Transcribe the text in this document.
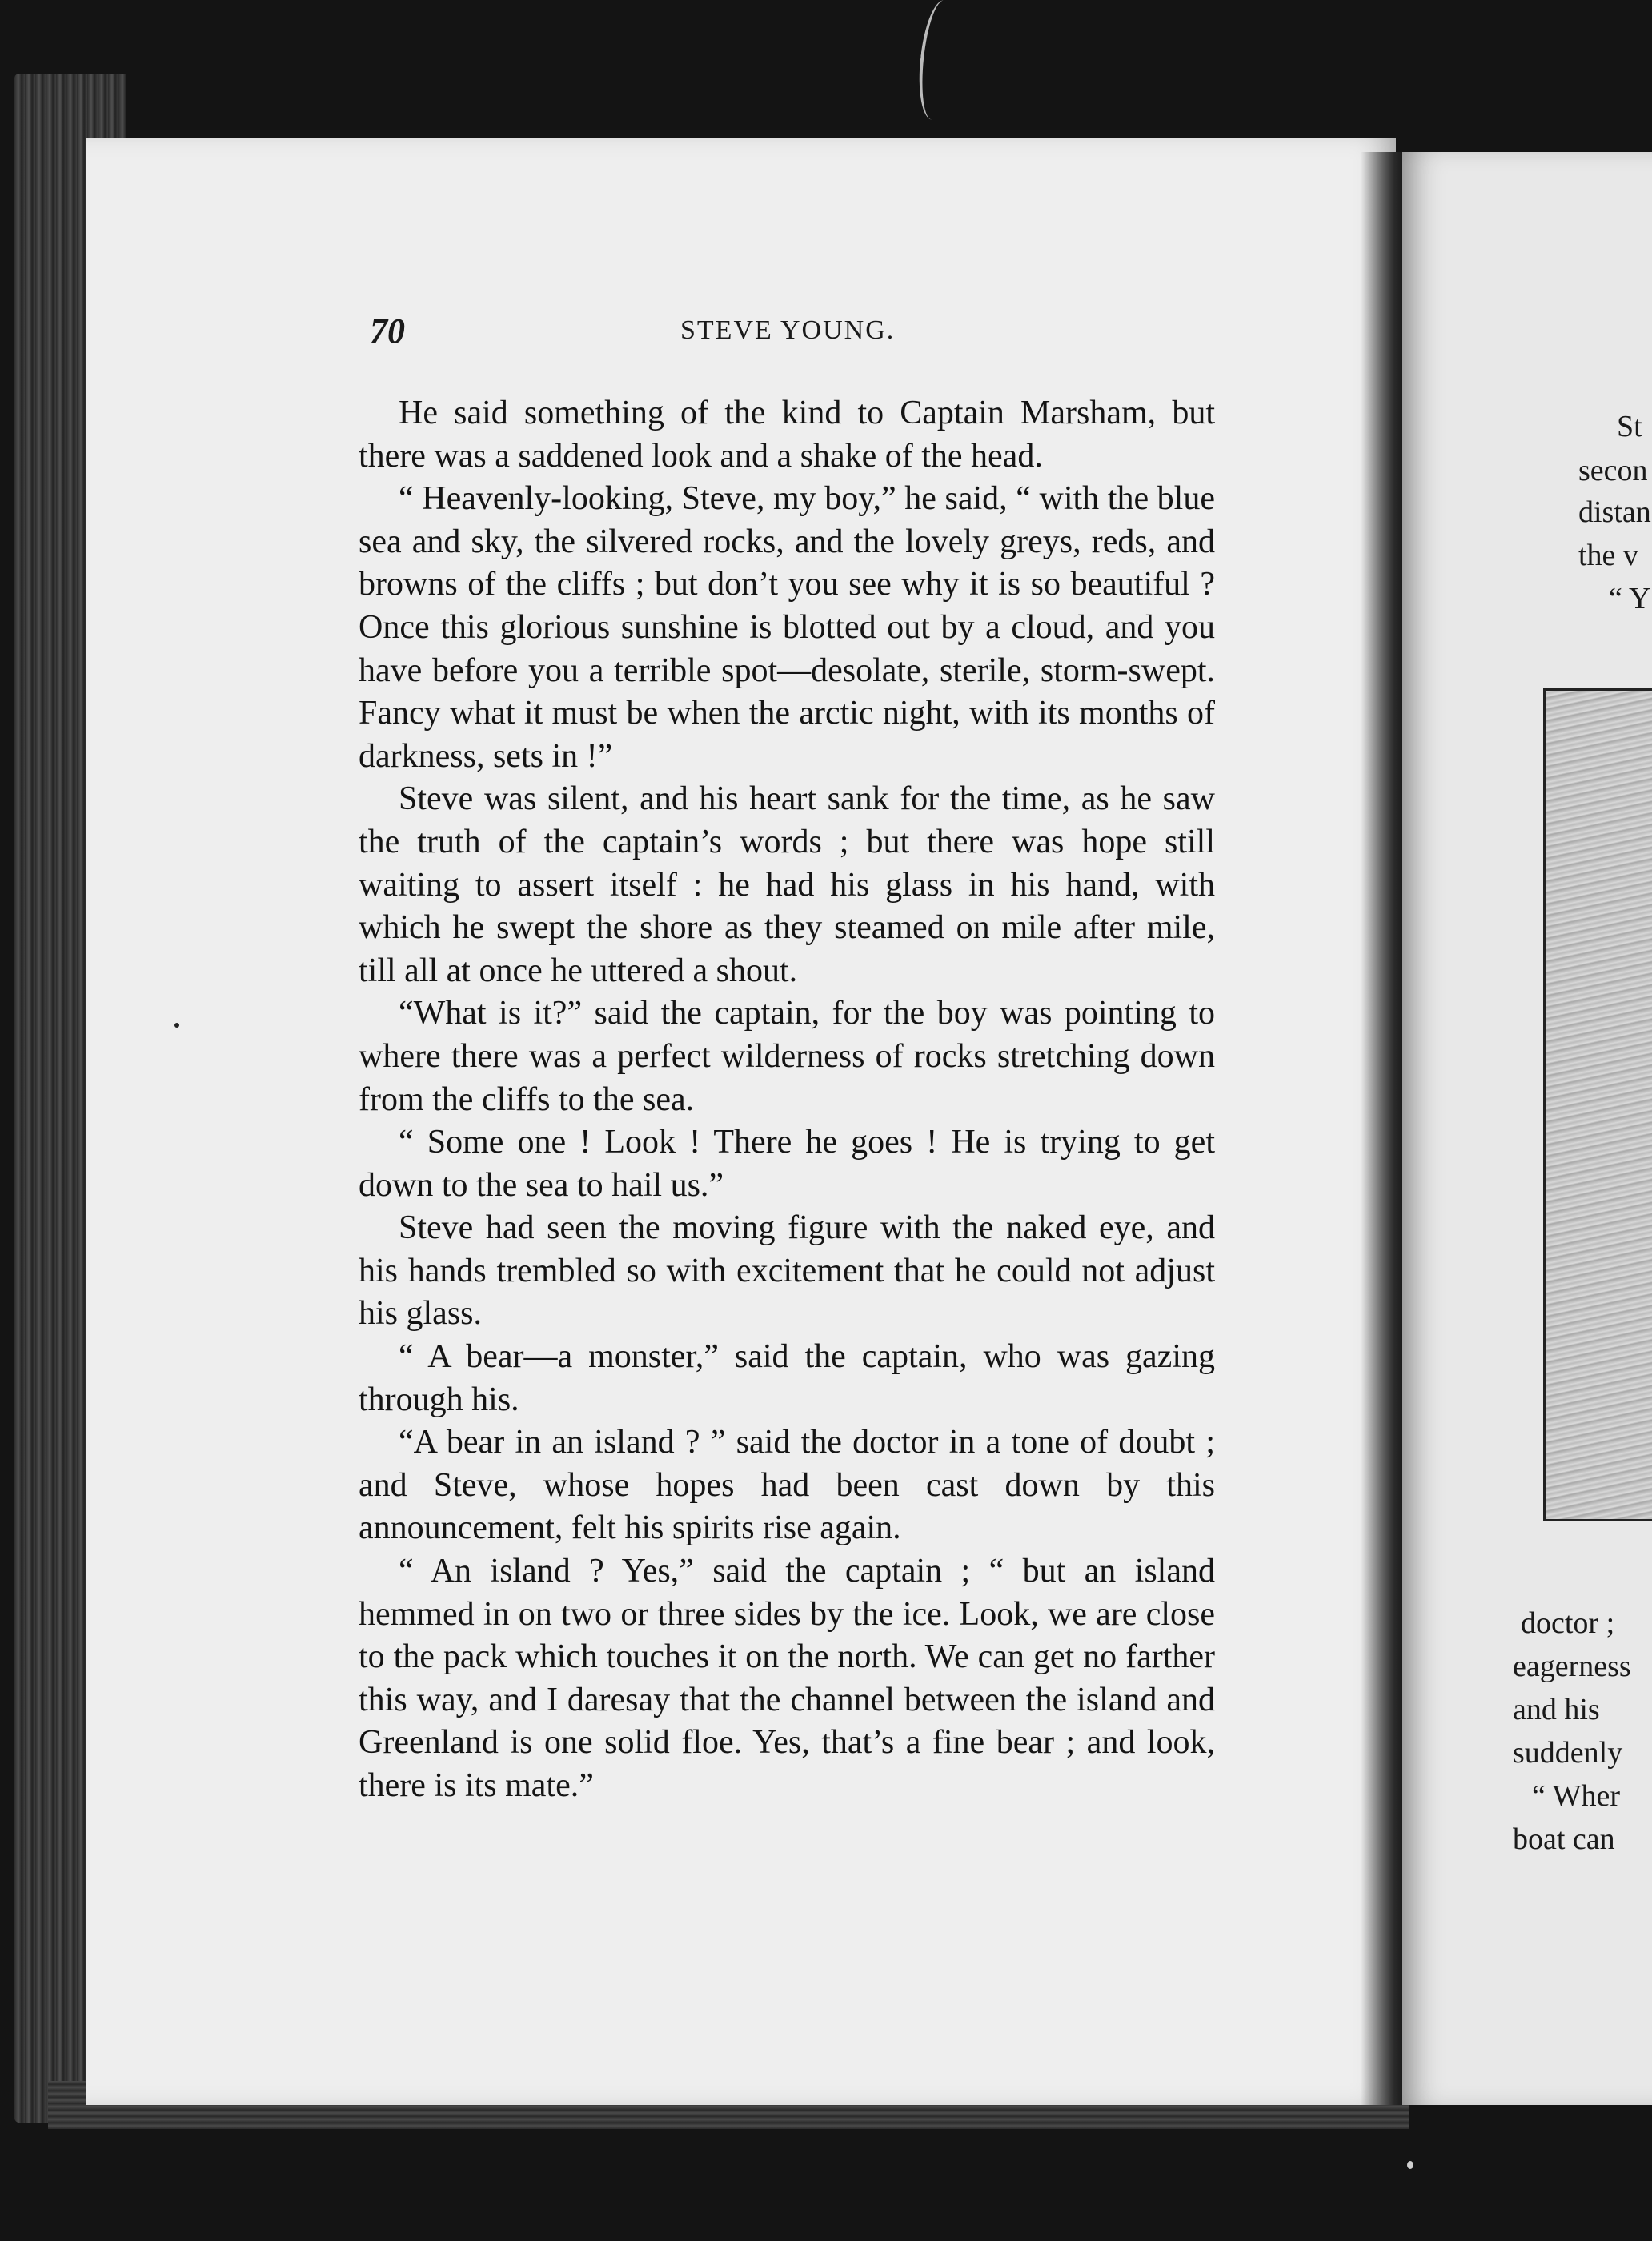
70	STEVE YOUNG.

He said something of the kind to Captain Marsham, but there was a saddened look and a shake of the head.

“ Heavenly-looking, Steve, my boy,” he said, “ with the blue sea and sky, the silvered rocks, and the lovely greys, reds, and browns of the cliffs ; but don’t you see why it is so beautiful ? Once this glorious sunshine is blotted out by a cloud, and you have before you a terrible spot—desolate, sterile, storm-swept. Fancy what it must be when the arctic night, with its months of darkness, sets in !”

Steve was silent, and his heart sank for the time, as he saw the truth of the captain’s words ; but there was hope still waiting to assert itself : he had his glass in his hand, with which he swept the shore as they steamed on mile after mile, till all at once he uttered a shout.

“What is it?” said the captain, for the boy was pointing to where there was a perfect wilderness of rocks stretching down from the cliffs to the sea.

“ Some one ! Look ! There he goes ! He is trying to get down to the sea to hail us.”

Steve had seen the moving figure with the naked eye, and his hands trembled so with excitement that he could not adjust his glass.

“ A bear—a monster,” said the captain, who was gazing through his.

“A bear in an island ? ” said the doctor in a tone of doubt ; and Steve, whose hopes had been cast down by this announcement, felt his spirits rise again.

“ An island ? Yes,” said the captain ; “ but an island hemmed in on two or three sides by the ice. Look, we are close to the pack which touches it on the north. We can get no farther this way, and I daresay that the channel between the island and Greenland is one solid floe. Yes, that’s a fine bear ; and look, there is its mate.”

St
secon
distan
the v
“ Y
doctor ;
eagerness
and his
suddenly
“ Wher
boat can
